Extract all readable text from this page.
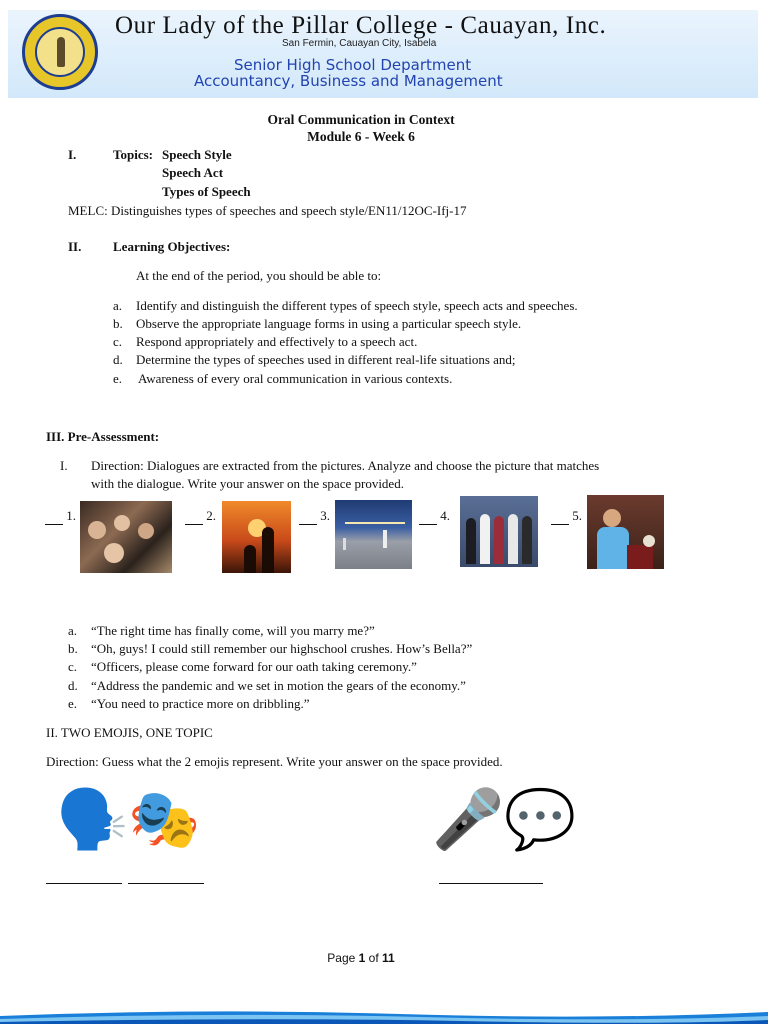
Our Lady of the Pillar College - Cauayan, Inc.
San Fermin, Cauayan City, Isabela
Senior High School Department
Accountancy, Business and Management
Oral Communication in Context
Module 6 - Week 6
I.	Topics: Speech Style
Speech Act
Types of Speech
MELC: Distinguishes types of speeches and speech style/EN11/12OC-Ifj-17
II. Learning Objectives:
At the end of the period, you should be able to:
a. Identify and distinguish the different types of speech style, speech acts and speeches.
b. Observe the appropriate language forms in using a particular speech style.
c. Respond appropriately and effectively to a speech act.
d. Determine the types of speeches used in different real-life situations and;
e. Awareness of every oral communication in various contexts.
III. Pre-Assessment:
I. Direction: Dialogues are extracted from the pictures. Analyze and choose the picture that matches
with the dialogue. Write your answer on the space provided.
1.	2.	3.	4.	5.
a. “The right time has finally come, will you marry me?”
b. “Oh, guys! I could still remember our highschool crushes. How’s Bella?”
c. “Officers, please come forward for our oath taking ceremony.”
d. “Address the pandemic and we set in motion the gears of the economy.”
e. “You need to practice more on dribbling.”
II. TWO EMOJIS, ONE TOPIC
Direction: Guess what the 2 emojis represent. Write your answer on the space provided.
🗣️🎭	🎤💬
Page 1 of 11
